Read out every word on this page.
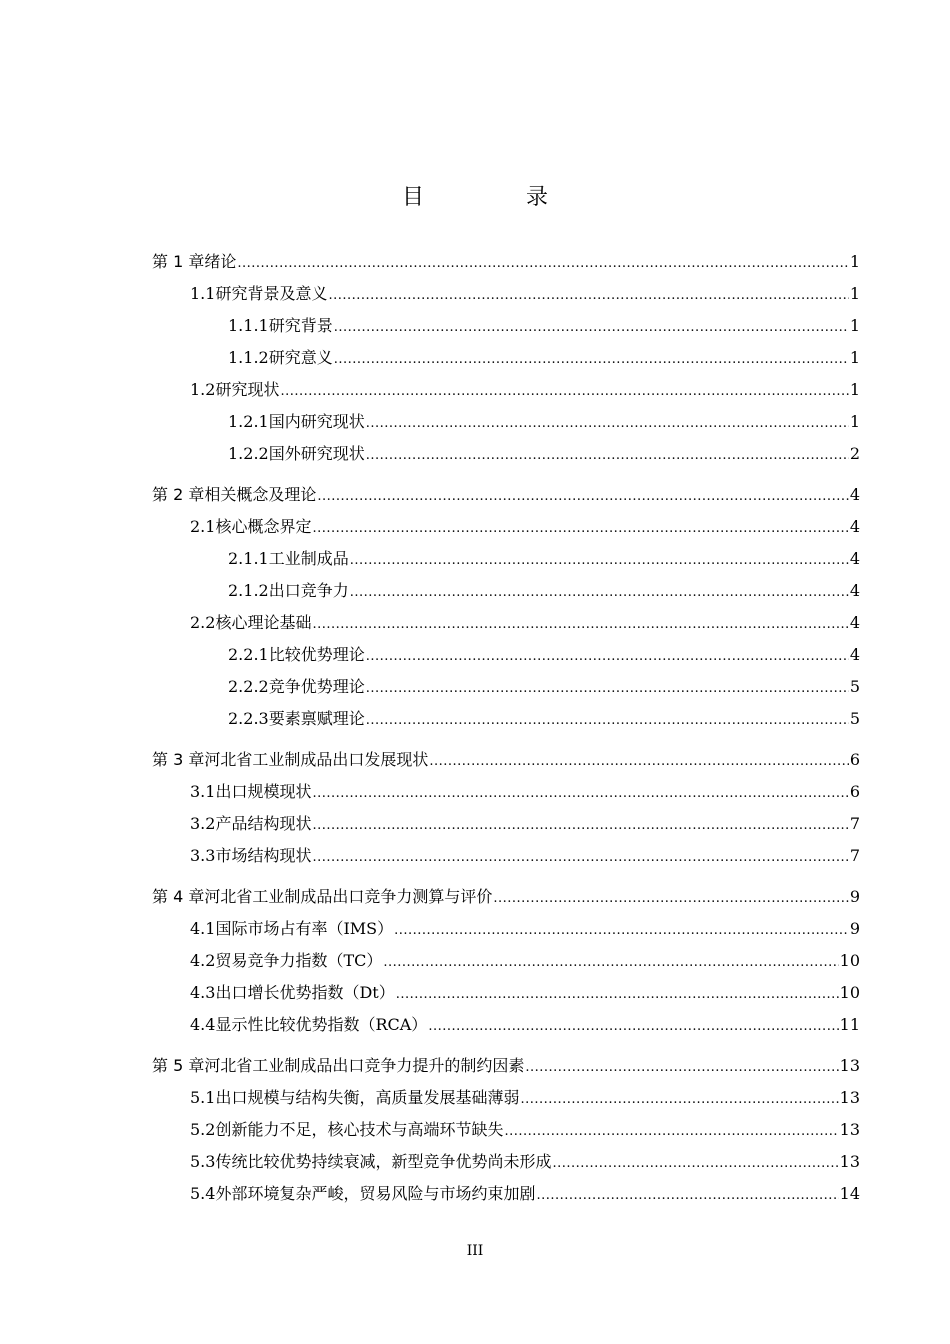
目　录
第 1 章 绪论 .....	1
1.1 研究背景及意义 .....	1
1.1.1 研究背景 .....	1
1.1.2 研究意义 .....	1
1.2 研究现状 .....	1
1.2.1 国内研究现状 .....	1
1.2.2 国外研究现状 .....	2
第 2 章 相关概念及理论 .....	4
2.1 核心概念界定 .....	4
2.1.1 工业制成品 .....	4
2.1.2 出口竞争力 .....	4
2.2 核心理论基础 .....	4
2.2.1 比较优势理论 .....	4
2.2.2 竞争优势理论 .....	5
2.2.3 要素禀赋理论 .....	5
第 3 章 河北省工业制成品出口发展现状 .....	6
3.1 出口规模现状 .....	6
3.2 产品结构现状 .....	7
3.3 市场结构现状 .....	7
第 4 章 河北省工业制成品出口竞争力测算与评价 .....	9
4.1 国际市场占有率（IMS） .....	9
4.2 贸易竞争力指数（TC） .....	10
4.3 出口增长优势指数（Dt） .....	10
4.4 显示性比较优势指数（RCA） .....	11
第 5 章 河北省工业制成品出口竞争力提升的制约因素 .....	13
5.1 出口规模与结构失衡，高质量发展基础薄弱 .....	13
5.2 创新能力不足，核心技术与高端环节缺失 .....	13
5.3 传统比较优势持续衰减，新型竞争优势尚未形成 .....	13
5.4 外部环境复杂严峻，贸易风险与市场约束加剧 .....	14
III
